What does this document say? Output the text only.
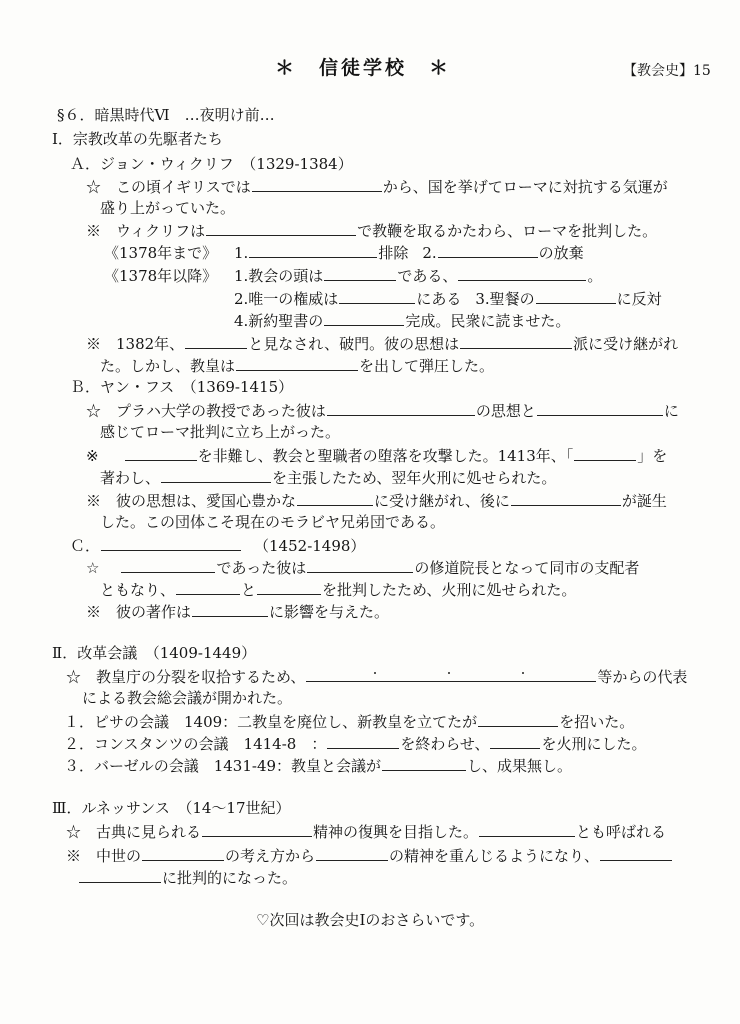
＊　信徒学校　＊	【教会史】15
§６．暗黒時代Ⅵ　…夜明け前…
Ⅰ．宗教改革の先駆者たち
Ａ．ジョン・ウィクリフ　（1329-1384）
☆　この頃イギリスでは	から、国を挙げてローマに対抗する気運が
盛り上がっていた。
※　ウィクリフは	で教鞭を取るかたわら、ローマを批判した。
《1378年まで》 1.	排除 2.	の放棄
《1378年以降》 1.教会の頭は	である、	。
2.唯一の権威は	にある 3.聖餐の	に反対
4.新約聖書の	完成。民衆に読ませた。
※　1382年、	と見なされ、破門。彼の思想は	派に受け継がれ
た。しかし、教皇は	を出して弾圧した。
Ｂ．ヤン・フス　（1369-1415）
☆　プラハ大学の教授であった彼は	の思想と	に
感じてローマ批判に立ち上がった。
※	を非難し、教会と聖職者の堕落を攻撃した。1413年、「	」を
著わし、	を主張したため、翌年火刑に処せられた。
※　彼の思想は、愛国心豊かな	に受け継がれ、後に	が誕生
した。この団体こそ現在のモラビヤ兄弟団である。
Ｃ．	（1452-1498）
☆	であった彼は	の修道院長となって同市の支配者
ともなり、	と	を批判したため、火刑に処せられた。
※　彼の著作は	に影響を与えた。
Ⅱ．改革会議　（1409-1449）
☆　教皇庁の分裂を収拾するため、	等からの代表
による教会総会議が開かれた。
１．ピサの会議　1409：二教皇を廃位し、新教皇を立てたが	を招いた。
２．コンスタンツの会議　1414-8　：	を終わらせ、	を火刑にした。
３．バーゼルの会議　1431-49：教皇と会議が	し、成果無し。
Ⅲ．ルネッサンス　（14～17世紀）
☆　古典に見られる	精神の復興を目指した。	とも呼ばれる
※　中世の	の考え方から	の精神を重んじるようになり、
に批判的になった。
♡次回は教会史Ⅰのおさらいです。
